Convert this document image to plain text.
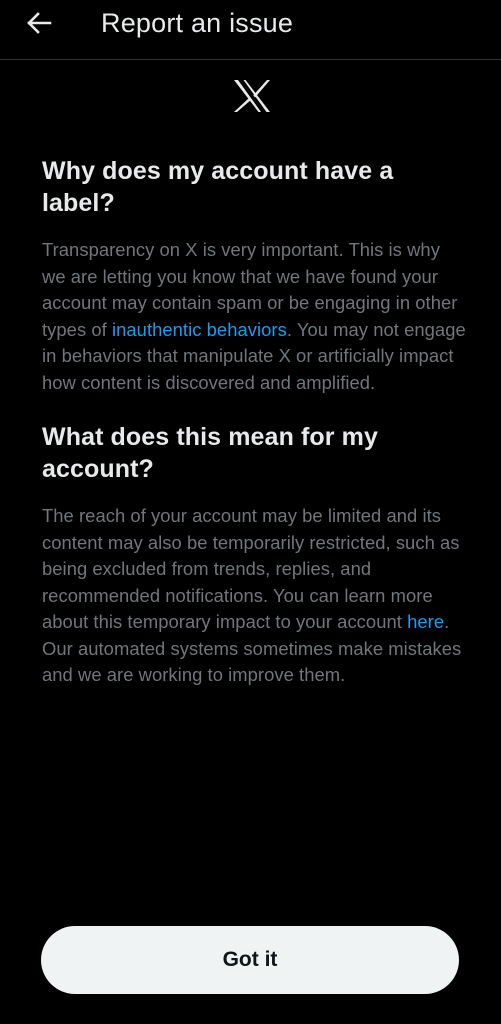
Report an issue
Why does my account have a label?

Transparency on X is very important. This is why we are letting you know that we have found your account may contain spam or be engaging in other types of inauthentic behaviors. You may not engage in behaviors that manipulate X or artificially impact how content is discovered and amplified.

What does this mean for my account?

The reach of your account may be limited and its content may also be temporarily restricted, such as being excluded from trends, replies, and recommended notifications. You can learn more about this temporary impact to your account here. Our automated systems sometimes make mistakes and we are working to improve them.

Got it
